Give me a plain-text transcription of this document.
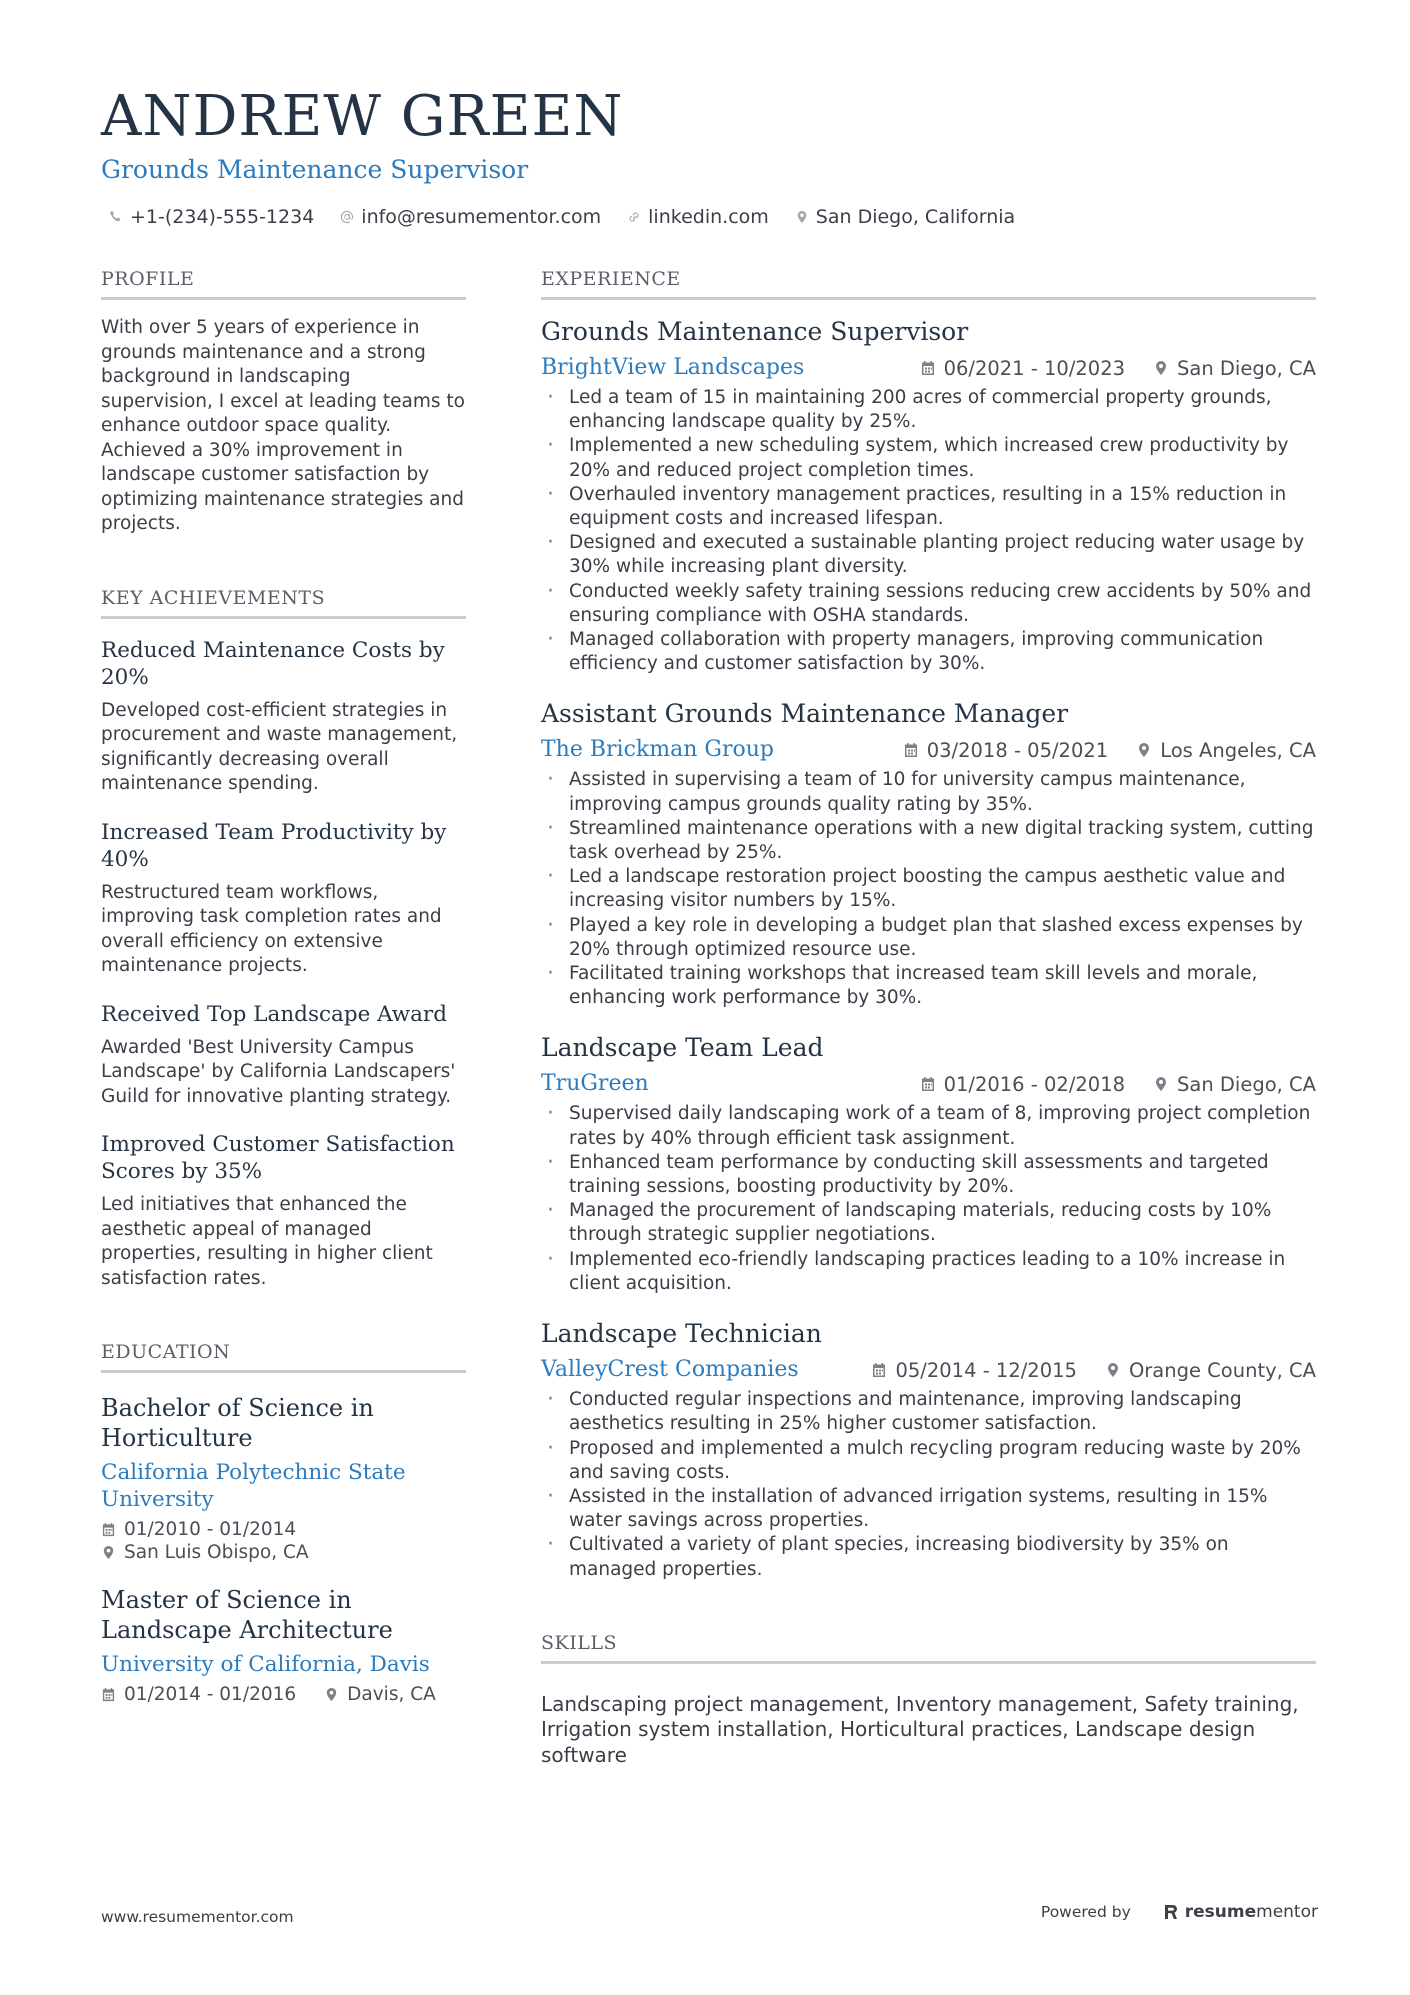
ANDREW GREEN
Grounds Maintenance Supervisor
+1-(234)-555-1234 info@resumementor.com linkedin.com San Diego, California
PROFILE

With over 5 years of experience in grounds maintenance and a strong background in landscaping supervision, I excel at leading teams to enhance outdoor space quality. Achieved a 30% improvement in landscape customer satisfaction by optimizing maintenance strategies and projects.

KEY ACHIEVEMENTS
Reduced Maintenance Costs by 20%

Developed cost-efficient strategies in procurement and waste management, significantly decreasing overall maintenance spending.

Increased Team Productivity by 40%

Restructured team workflows, improving task completion rates and overall efficiency on extensive maintenance projects.

Received Top Landscape Award

Awarded 'Best University Campus Landscape' by California Landscapers' Guild for innovative planting strategy.

Improved Customer Satisfaction Scores by 35%

Led initiatives that enhanced the aesthetic appeal of managed properties, resulting in higher client satisfaction rates.

EDUCATION
Bachelor of Science in Horticulture
California Polytechnic State University
01/2010 - 01/2014
San Luis Obispo, CA
Master of Science in Landscape Architecture
University of California, Davis
01/2014 - 01/2016	Davis, CA
EXPERIENCE
Grounds Maintenance Supervisor
BrightView Landscapes	06/2021 - 10/2023	San Diego, CA
· Led a team of 15 in maintaining 200 acres of commercial property grounds, enhancing landscape quality by 25%.
· Implemented a new scheduling system, which increased crew productivity by 20% and reduced project completion times.
· Overhauled inventory management practices, resulting in a 15% reduction in equipment costs and increased lifespan.
· Designed and executed a sustainable planting project reducing water usage by 30% while increasing plant diversity.
· Conducted weekly safety training sessions reducing crew accidents by 50% and ensuring compliance with OSHA standards.
· Managed collaboration with property managers, improving communication efficiency and customer satisfaction by 30%.
Assistant Grounds Maintenance Manager
The Brickman Group	03/2018 - 05/2021	Los Angeles, CA
· Assisted in supervising a team of 10 for university campus maintenance, improving campus grounds quality rating by 35%.
· Streamlined maintenance operations with a new digital tracking system, cutting task overhead by 25%.
· Led a landscape restoration project boosting the campus aesthetic value and increasing visitor numbers by 15%.
· Played a key role in developing a budget plan that slashed excess expenses by 20% through optimized resource use.
· Facilitated training workshops that increased team skill levels and morale, enhancing work performance by 30%.
Landscape Team Lead
TruGreen	01/2016 - 02/2018	San Diego, CA
· Supervised daily landscaping work of a team of 8, improving project completion rates by 40% through efficient task assignment.
· Enhanced team performance by conducting skill assessments and targeted training sessions, boosting productivity by 20%.
· Managed the procurement of landscaping materials, reducing costs by 10% through strategic supplier negotiations.
· Implemented eco-friendly landscaping practices leading to a 10% increase in client acquisition.
Landscape Technician
ValleyCrest Companies	05/2014 - 12/2015	Orange County, CA
· Conducted regular inspections and maintenance, improving landscaping aesthetics resulting in 25% higher customer satisfaction.
· Proposed and implemented a mulch recycling program reducing waste by 20% and saving costs.
· Assisted in the installation of advanced irrigation systems, resulting in 15% water savings across properties.
· Cultivated a variety of plant species, increasing biodiversity by 35% on managed properties.
SKILLS

Landscaping project management, Inventory management, Safety training, Irrigation system installation, Horticultural practices, Landscape design software

www.resumementor.com	Powered by	resume mentor
